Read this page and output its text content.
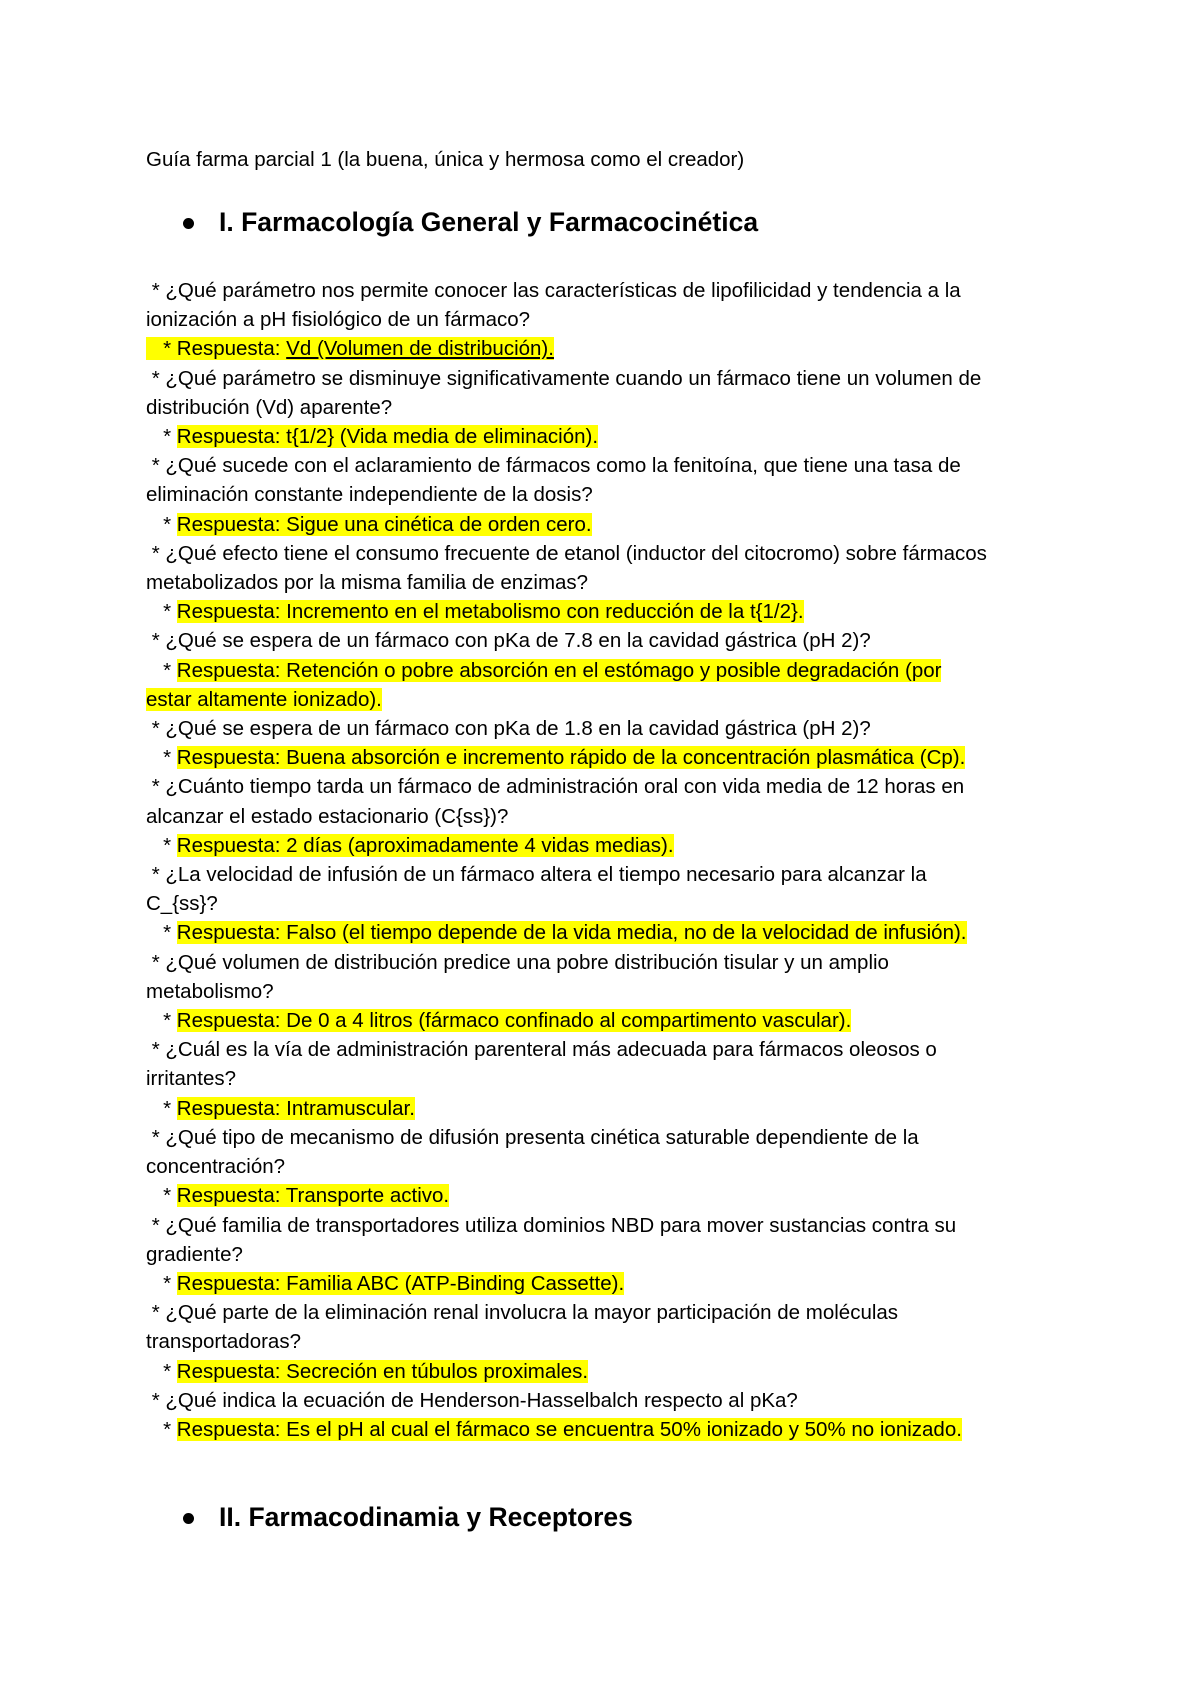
Guía farma parcial 1 (la buena, única y hermosa como el creador)
I. Farmacología General y Farmacocinética
* ¿Qué parámetro nos permite conocer las características de lipofilicidad y tendencia a la
ionización a pH fisiológico de un fármaco?
* Respuesta: Vd (Volumen de distribución).
* ¿Qué parámetro se disminuye significativamente cuando un fármaco tiene un volumen de
distribución (Vd) aparente?
* Respuesta: t{1/2} (Vida media de eliminación).
* ¿Qué sucede con el aclaramiento de fármacos como la fenitoína, que tiene una tasa de
eliminación constante independiente de la dosis?
* Respuesta: Sigue una cinética de orden cero.
* ¿Qué efecto tiene el consumo frecuente de etanol (inductor del citocromo) sobre fármacos
metabolizados por la misma familia de enzimas?
* Respuesta: Incremento en el metabolismo con reducción de la t{1/2}.
* ¿Qué se espera de un fármaco con pKa de 7.8 en la cavidad gástrica (pH 2)?
* Respuesta: Retención o pobre absorción en el estómago y posible degradación (por
estar altamente ionizado).
* ¿Qué se espera de un fármaco con pKa de 1.8 en la cavidad gástrica (pH 2)?
* Respuesta: Buena absorción e incremento rápido de la concentración plasmática (Cp).
* ¿Cuánto tiempo tarda un fármaco de administración oral con vida media de 12 horas en
alcanzar el estado estacionario (C{ss})?
* Respuesta: 2 días (aproximadamente 4 vidas medias).
* ¿La velocidad de infusión de un fármaco altera el tiempo necesario para alcanzar la
C_{ss}?
* Respuesta: Falso (el tiempo depende de la vida media, no de la velocidad de infusión).
* ¿Qué volumen de distribución predice una pobre distribución tisular y un amplio
metabolismo?
* Respuesta: De 0 a 4 litros (fármaco confinado al compartimento vascular).
* ¿Cuál es la vía de administración parenteral más adecuada para fármacos oleosos o
irritantes?
* Respuesta: Intramuscular.
* ¿Qué tipo de mecanismo de difusión presenta cinética saturable dependiente de la
concentración?
* Respuesta: Transporte activo.
* ¿Qué familia de transportadores utiliza dominios NBD para mover sustancias contra su
gradiente?
* Respuesta: Familia ABC (ATP-Binding Cassette).
* ¿Qué parte de la eliminación renal involucra la mayor participación de moléculas
transportadoras?
* Respuesta: Secreción en túbulos proximales.
* ¿Qué indica la ecuación de Henderson-Hasselbalch respecto al pKa?
* Respuesta: Es el pH al cual el fármaco se encuentra 50% ionizado y 50% no ionizado.
II. Farmacodinamia y Receptores
